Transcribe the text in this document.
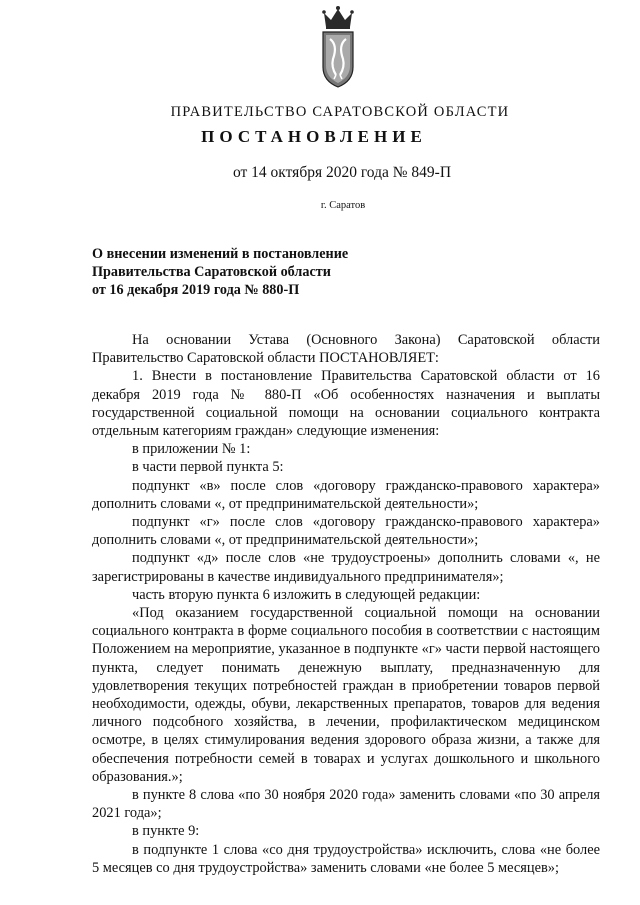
ПРАВИТЕЛЬСТВО САРАТОВСКОЙ ОБЛАСТИ
ПОСТАНОВЛЕНИЕ
от 14 октября 2020 года № 849-П
г. Саратов
О внесении изменений в постановление
Правительства Саратовской области
от 16 декабря 2019 года № 880-П

На основании Устава (Основного Закона) Саратовской области Правительство Саратовской области ПОСТАНОВЛЯЕТ:

1. Внести в постановление Правительства Саратовской области от 16 декабря 2019 года № 880-П «Об особенностях назначения и выплаты государственной социальной помощи на основании социального контракта отдельным категориям граждан» следующие изменения:

в приложении № 1:

в части первой пункта 5:

подпункт «в» после слов «договору гражданско-правового характера» дополнить словами «, от предпринимательской деятельности»;

подпункт «г» после слов «договору гражданско-правового характера» дополнить словами «, от предпринимательской деятельности»;

подпункт «д» после слов «не трудоустроены» дополнить словами «, не зарегистрированы в качестве индивидуального предпринимателя»;

часть вторую пункта 6 изложить в следующей редакции:

«Под оказанием государственной социальной помощи на основании социального контракта в форме социального пособия в соответствии с настоящим Положением на мероприятие, указанное в подпункте «г» части первой настоящего пункта, следует понимать денежную выплату, предназначенную для удовлетворения текущих потребностей граждан в приобретении товаров первой необходимости, одежды, обуви, лекарственных препаратов, товаров для ведения личного подсобного хозяйства, в лечении, профилактическом медицинском осмотре, в целях стимулирования ведения здорового образа жизни, а также для обеспечения потребности семей в товарах и услугах дошкольного и школьного образования.»;

в пункте 8 слова «по 30 ноября 2020 года» заменить словами «по 30 апреля 2021 года»;

в пункте 9:

в подпункте 1 слова «со дня трудоустройства» исключить, слова «не более 5 месяцев со дня трудоустройства» заменить словами «не более 5 месяцев»;
